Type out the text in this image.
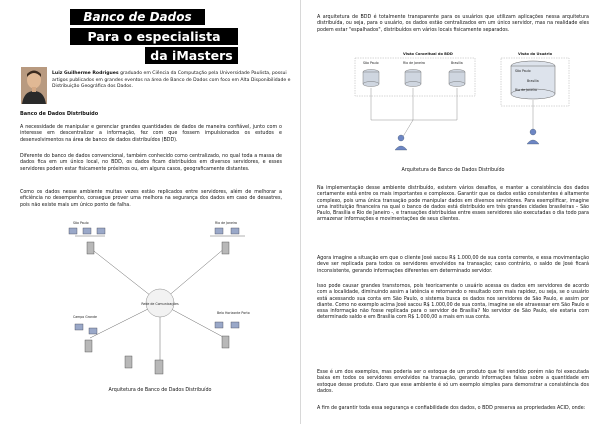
Banco de Dados
Para o especialista
da iMasters
Luiz Guilherme Rodrigues graduado em Ciência da Computação pela Universidade Paulista, possui artigos publicados em grandes eventos na área de Banco de Dados com foco em Alta Disponibilidade e Distribuição Geográfica dos Dados.
Banco de Dados Distribuído
A necessidade de manipular e gerenciar grandes quantidades de dados de maneira confiável, junto com o interesse em descentralizar a informação, fez com que fossem impulsionados os estudos e desenvolvimentos na área de banco de dados distribuídos (BDD).
Diferente do banco de dados convencional, também conhecido como centralizado, no qual toda a massa de dados fica em um único local, no BDD, os dados ficam distribuídos em diversos servidores, e esses servidores podem estar fisicamente próximos ou, em alguns casos, geograficamente distantes.
Como os dados nesse ambiente muitas vezes estão replicados entre servidores, além de melhorar a eficiência no desempenho, consegue prover uma melhora na segurança dos dados em caso de desastres, pois não existe mais um único ponto de falha.
Rede de Comunicações
São Paulo	Rio de Janeiro
Campo Grande
Belo Horizonte Porto
Arquitetura de Banco de Dados Distribuído
A arquitetura de BDD é totalmente transparente para os usuários que utilizam aplicações nessa arquitetura distribuída, ou seja, para o usuário, os dados estão centralizados em um único servidor, mas na realidade eles podem estar "espalhados", distribuídos em vários locais fisicamente separados.
Visão Conceitual do BDD	Visão do Usuário
São Paulo	Rio de Janeiro	Brasília
São Paulo
Brasília
Rio de Janeiro
Arquitetura de Banco de Dados Distribuído
Na implementação desse ambiente distribuído, existem vários desafios, e manter a consistência dos dados certamente está entre os mais importantes e complexos. Garantir que os dados estão consistentes é altamente complexo, pois uma única transação pode manipular dados em diversos servidores. Para exemplificar, imagine uma instituição financeira na qual o banco de dados está distribuído em três grandes cidades brasileiras – São Paulo, Brasília e Rio de Janeiro -, e transações distribuídas entre esses servidores são executadas o dia todo para armazenar informações e movimentações de seus clientes.
Agora imagine a situação em que o cliente José sacou R$ 1.000,00 de sua conta corrente, e essa movimentação deve ser replicada para todos os servidores envolvidos na transação; caso contrário, o saldo de José ficará inconsistente, gerando informações diferentes em determinado servidor.
Isso pode causar grandes transtornos, pois teoricamente o usuário acessa os dados em servidores de acordo com a localidade, diminuindo assim a latência e retornando o resultado com mais rapidez, ou seja, se o usuário está acessando sua conta em São Paulo, o sistema busca os dados nos servidores de São Paulo, e assim por diante. Como no exemplo acima José sacou R$ 1.000,00 de sua conta, imagine se ele atravessar em São Paulo e essa informação não fosse replicada para o servidor de Brasília? No servidor de São Paulo, ele estaria com determinado saldo e em Brasília com R$ 1.000,00 a mais em sua conta.
Esse é um dos exemplos, mas poderia ser o estoque de um produto que foi vendido porém não foi executada baixa em todos os servidores envolvidos na transação, gerando informações falsas sobre a quantidade em estoque desse produto. Claro que esse ambiente é só um exemplo simples para demonstrar a consistência dos dados.
A fim de garantir toda essa segurança e confiabilidade dos dados, o BDD preserva as propriedades ACID, onde:
